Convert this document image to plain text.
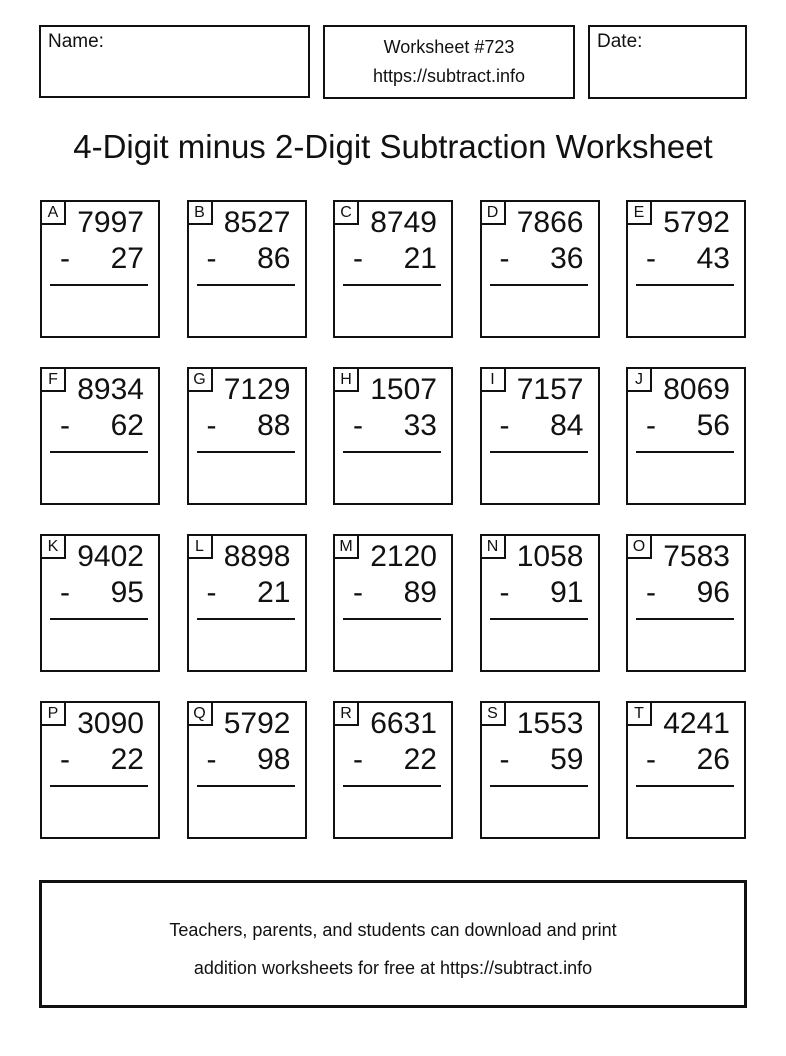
Name:	Worksheet #723
https://subtract.info
Date:
4-Digit minus 2-Digit Subtraction Worksheet
A 7997
- 27
B 8527
- 86
C 8749
- 21
D 7866
- 36
E 5792
- 43
F 8934
- 62
G 7129
- 88
H 1507
- 33
I 7157
- 84
J 8069
- 56
K 9402
- 95
L 8898
- 21
M 2120
- 89
N 1058
- 91
O 7583
- 96
P 3090
- 22
Q 5792
- 98
R 6631
- 22
S 1553
- 59
T 4241
- 26
Teachers, parents, and students can download and print
addition worksheets for free at https://subtract.info
